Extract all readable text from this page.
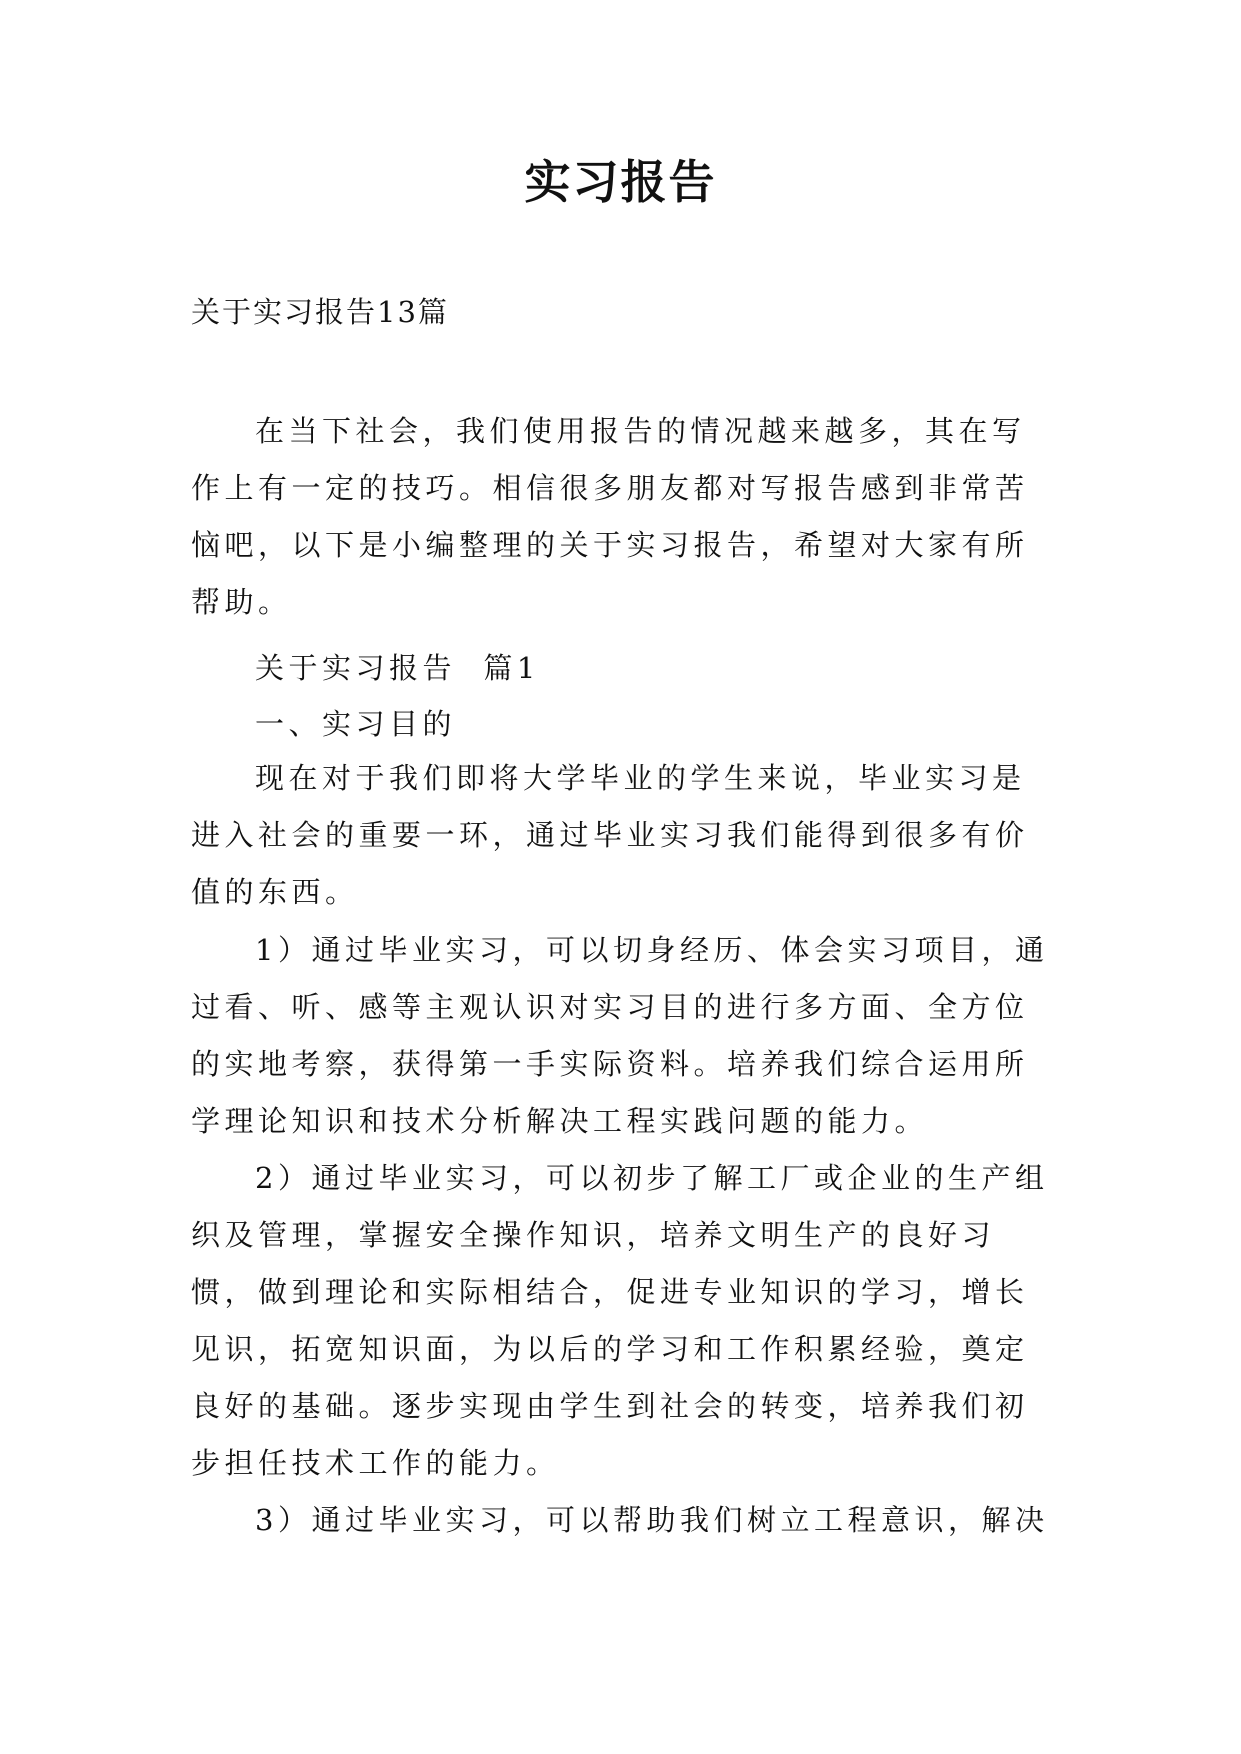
实习报告

关于实习报告13篇

在当下社会，我们使用报告的情况越来越多，其在写作上有一定的技巧。相信很多朋友都对写报告感到非常苦恼吧，以下是小编整理的关于实习报告，希望对大家有所帮助。

关于实习报告  篇1

一、实习目的

现在对于我们即将大学毕业的学生来说，毕业实习是进入社会的重要一环，通过毕业实习我们能得到很多有价值的东西。

1）通过毕业实习，可以切身经历、体会实习项目，通过看、听、感等主观认识对实习目的进行多方面、全方位的实地考察，获得第一手实际资料。培养我们综合运用所学理论知识和技术分析解决工程实践问题的能力。

2）通过毕业实习，可以初步了解工厂或企业的生产组织及管理，掌握安全操作知识，培养文明生产的良好习惯，做到理论和实际相结合，促进专业知识的学习，增长见识，拓宽知识面，为以后的学习和工作积累经验，奠定良好的基础。逐步实现由学生到社会的转变，培养我们初步担任技术工作的能力。

3）通过毕业实习，可以帮助我们树立工程意识，解决
